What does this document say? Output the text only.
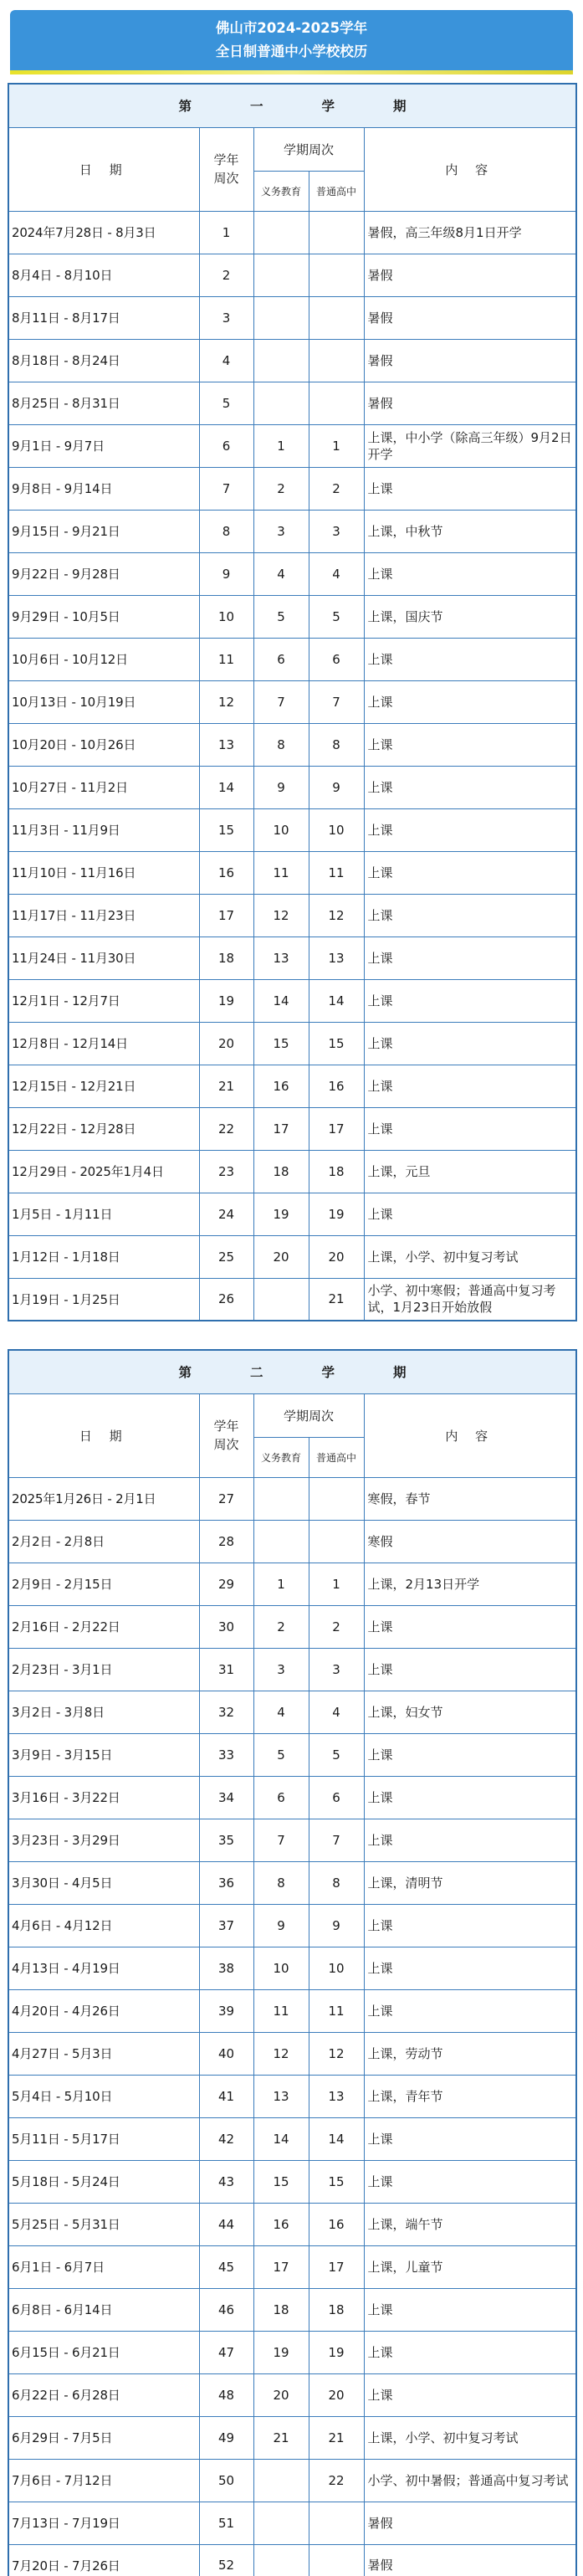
佛山市2024-2025学年
全日制普通中小学校校历
第 一 学 期				
日 期	学年
周次	学期周次		内 容
		义务教育	普通高中	
2024年7月28日 - 8月3日	1			暑假，高三年级8月1日开学
8月4日 - 8月10日	2			暑假
8月11日 - 8月17日	3			暑假
8月18日 - 8月24日	4			暑假
8月25日 - 8月31日	5			暑假
9月1日 - 9月7日	6	1	1	上课，中小学（除高三年级）9月2日开学
9月8日 - 9月14日	7	2	2	上课
9月15日 - 9月21日	8	3	3	上课，中秋节
9月22日 - 9月28日	9	4	4	上课
9月29日 - 10月5日	10	5	5	上课，国庆节
10月6日 - 10月12日	11	6	6	上课
10月13日 - 10月19日	12	7	7	上课
10月20日 - 10月26日	13	8	8	上课
10月27日 - 11月2日	14	9	9	上课
11月3日 - 11月9日	15	10	10	上课
11月10日 - 11月16日	16	11	11	上课
11月17日 - 11月23日	17	12	12	上课
11月24日 - 11月30日	18	13	13	上课
12月1日 - 12月7日	19	14	14	上课
12月8日 - 12月14日	20	15	15	上课
12月15日 - 12月21日	21	16	16	上课
12月22日 - 12月28日	22	17	17	上课
12月29日 - 2025年1月4日	23	18	18	上课，元旦
1月5日 - 1月11日	24	19	19	上课
1月12日 - 1月18日	25	20	20	上课，小学、初中复习考试
1月19日 - 1月25日	26		21	小学、初中寒假；普通高中复习考试，1月23日开始放假
第 二 学 期				
日 期	学年
周次	学期周次		内 容
		义务教育	普通高中	
2025年1月26日 - 2月1日	27			寒假，春节
2月2日 - 2月8日	28			寒假
2月9日 - 2月15日	29	1	1	上课，2月13日开学
2月16日 - 2月22日	30	2	2	上课
2月23日 - 3月1日	31	3	3	上课
3月2日 - 3月8日	32	4	4	上课，妇女节
3月9日 - 3月15日	33	5	5	上课
3月16日 - 3月22日	34	6	6	上课
3月23日 - 3月29日	35	7	7	上课
3月30日 - 4月5日	36	8	8	上课，清明节
4月6日 - 4月12日	37	9	9	上课
4月13日 - 4月19日	38	10	10	上课
4月20日 - 4月26日	39	11	11	上课
4月27日 - 5月3日	40	12	12	上课，劳动节
5月4日 - 5月10日	41	13	13	上课，青年节
5月11日 - 5月17日	42	14	14	上课
5月18日 - 5月24日	43	15	15	上课
5月25日 - 5月31日	44	16	16	上课，端午节
6月1日 - 6月7日	45	17	17	上课，儿童节
6月8日 - 6月14日	46	18	18	上课
6月15日 - 6月21日	47	19	19	上课
6月22日 - 6月28日	48	20	20	上课
6月29日 - 7月5日	49	21	21	上课，小学、初中复习考试
7月6日 - 7月12日	50		22	小学、初中暑假；普通高中复习考试
7月13日 - 7月19日	51			暑假
7月20日 - 7月26日	52			暑假
